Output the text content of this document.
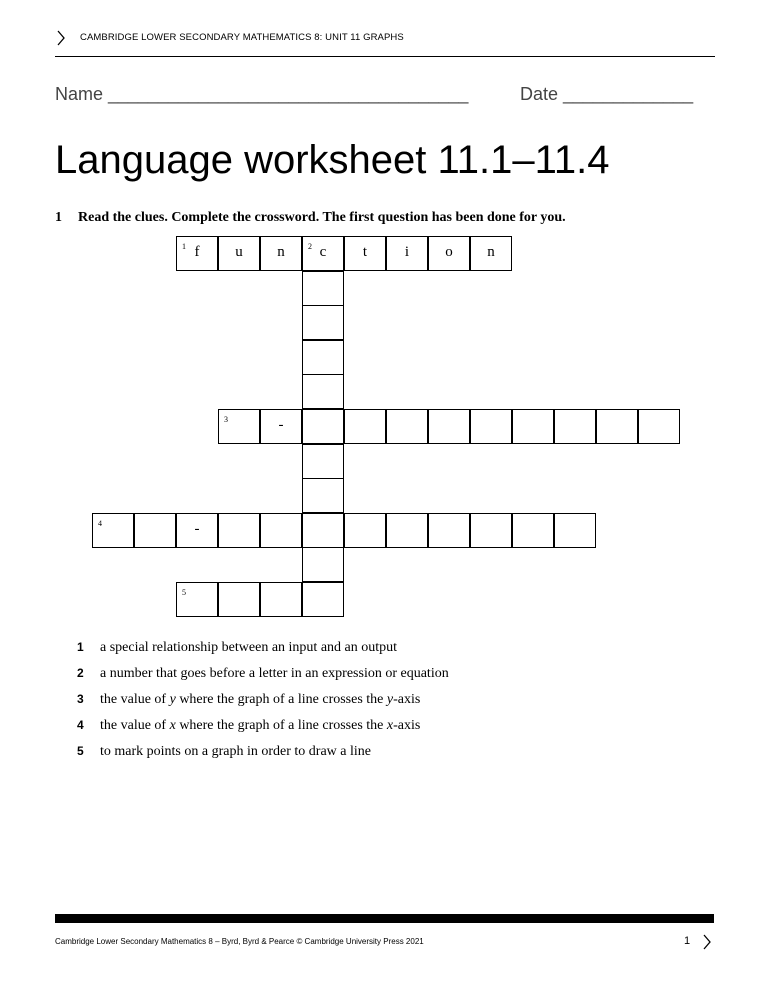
CAMBRIDGE LOWER SECONDARY MATHEMATICS 8: UNIT 11 GRAPHS
Name ____________________________________	Date _____________
Language worksheet 11.1–11.4
1 Read the clues. Complete the crossword. The first question has been done for you.
1 f	u	n	2 c	t	i	o	n
3	-
4	-
5
1	a special relationship between an input and an output
2	a number that goes before a letter in an expression or equation
3	the value of y where the graph of a line crosses the y-axis
4	the value of x where the graph of a line crosses the x-axis
5	to mark points on a graph in order to draw a line
Cambridge Lower Secondary Mathematics 8 – Byrd, Byrd & Pearce © Cambridge University Press 2021	1
